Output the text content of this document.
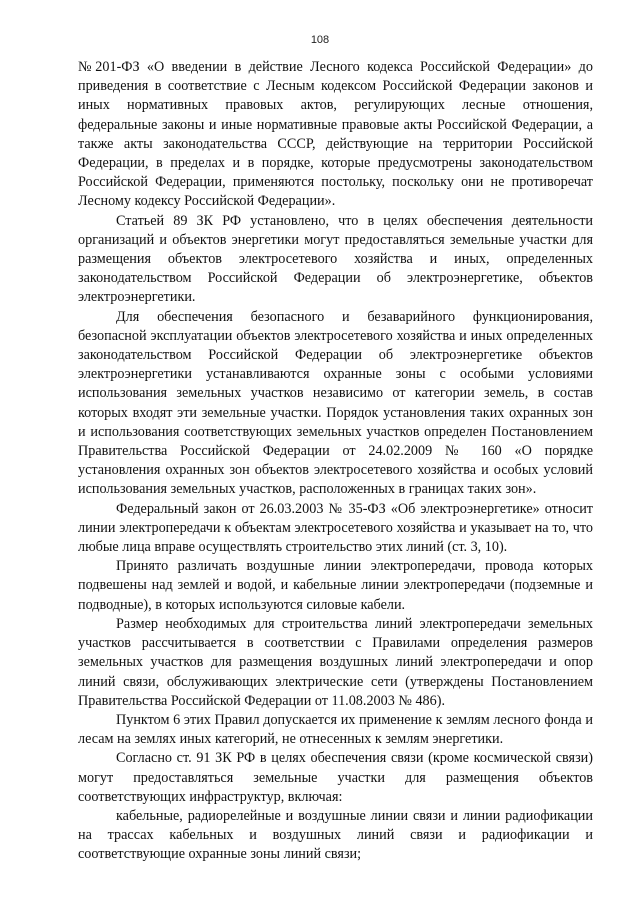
108

№201-ФЗ «О введении в действие Лесного кодекса Российской Федерации» до приведения в соответствие с Лесным кодексом Российской Федерации законов и иных нормативных правовых актов, регулирующих лесные отношения, федеральные законы и иные нормативные правовые акты Российской Федерации, а также акты законодательства СССР, действующие на территории Российской Федерации, в пределах и в порядке, которые предусмотрены законодательством Российской Федерации, применяются постольку, поскольку они не противоречат Лесному кодексу Российской Федерации».

Статьей 89 ЗК РФ установлено, что в целях обеспечения деятельности организаций и объектов энергетики могут предоставляться земельные участки для размещения объектов электросетевого хозяйства и иных, определенных законодательством Российской Федерации об электроэнергетике, объектов электроэнергетики.

Для обеспечения безопасного и безаварийного функционирования, безопасной эксплуатации объектов электросетевого хозяйства и иных определенных законодательством Российской Федерации об электроэнергетике объектов электроэнергетики устанавливаются охранные зоны с особыми условиями использования земельных участков независимо от категории земель, в состав которых входят эти земельные участки. Порядок установления таких охранных зон и использования соответствующих земельных участков определен Постановлением Правительства Российской Федерации от 24.02.2009 № 160 «О порядке установления охранных зон объектов электросетевого хозяйства и особых условий использования земельных участков, расположенных в границах таких зон».

Федеральный закон от 26.03.2003 № 35-ФЗ «Об электроэнергетике» относит линии электропередачи к объектам электросетевого хозяйства и указывает на то, что любые лица вправе осуществлять строительство этих линий (ст. 3, 10).

Принято различать воздушные линии электропередачи, провода которых подвешены над землей и водой, и кабельные линии электропередачи (подземные и подводные), в которых используются силовые кабели.

Размер необходимых для строительства линий электропередачи земельных участков рассчитывается в соответствии с Правилами определения размеров земельных участков для размещения воздушных линий электропередачи и опор линий связи, обслуживающих электрические сети (утверждены Постановлением Правительства Российской Федерации от 11.08.2003 № 486).

Пунктом 6 этих Правил допускается их применение к землям лесного фонда и лесам на землях иных категорий, не отнесенных к землям энергетики.

Согласно ст. 91 ЗК РФ в целях обеспечения связи (кроме космической связи) могут предоставляться земельные участки для размещения объектов соответствующих инфраструктур, включая:

кабельные, радиорелейные и воздушные линии связи и линии радиофикации на трассах кабельных и воздушных линий связи и радиофикации и соответствующие охранные зоны линий связи;
